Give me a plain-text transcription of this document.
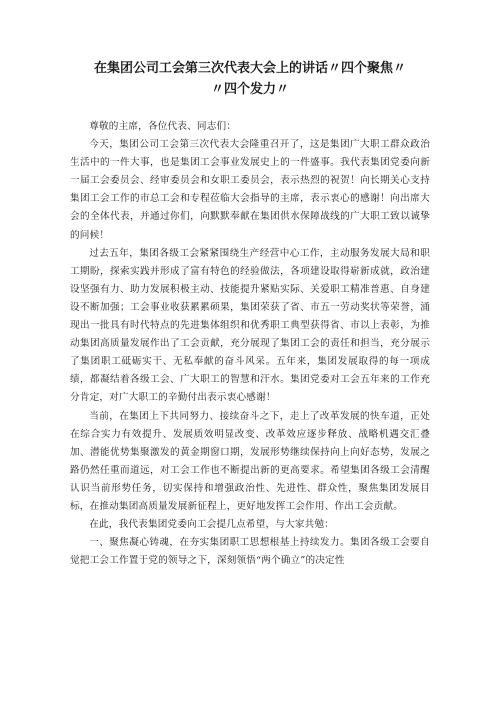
在集团公司工会第三次代表大会上的讲话〃四个聚焦〃
〃四个发力〃

尊敬的主席，各位代表、同志们：

今天，集团公司工会第三次代表大会隆重召开了，这是集团广大职工群众政治生活中的一件大事，也是集团工会事业发展史上的一件盛事。我代表集团党委向新一届工会委员会、经审委员会和女职工委员会，表示热烈的祝贺！向长期关心支持集团工会工作的市总工会和专程莅临大会指导的主席，表示衷心的感谢！向出席大会的全体代表，并通过你们，向默默奉献在集团供水保障战线的广大职工致以诚挚的问候！

过去五年，集团各级工会紧紧围绕生产经营中心工作，主动服务发展大局和职工期盼，探索实践并形成了富有特色的经验做法，各项建设取得崭新成就，政治建设坚强有力、助力发展积极主动、技能提升紧贴实际、关爱职工精准普惠、自身建设不断加强；工会事业收获累累硕果，集团荣获了省、市五一劳动奖状等荣誉，涌现出一批具有时代特点的先进集体组织和优秀职工典型获得省、市以上表彰，为推动集团高质量发展作出了工会贡献，充分展现了集团工会的责任和担当，充分展示了集团职工砥砺实干、无私奉献的奋斗风采。五年来，集团发展取得的每一项成绩，都凝结着各级工会、广大职工的智慧和汗水。集团党委对工会五年来的工作充分肯定，对广大职工的辛勤付出表示衷心感谢！

当前，在集团上下共同努力、接续奋斗之下，走上了改革发展的快车道，正处在综合实力有效提升、发展质效明显改变、改革效应逐步释放、战略机遇交汇叠加、潜能优势集聚激发的黄金期窗口期，发展形势继续保持向上向好态势，发展之路仍然任重而道远，对工会工作也不断提出新的更高要求。希望集团各级工会清醒认识当前形势任务，切实保持和增强政治性、先进性、群众性，聚焦集团发展目标，在推动集团高质量发展新征程上，更好地发挥工会作用、作出工会贡献。

在此，我代表集团党委向工会提几点希望，与大家共勉：

一、聚焦凝心铸魂，在夯实集团职工思想根基上持续发力。集团各级工会要自觉把工会工作置于党的领导之下，深刻领悟“两个确立”的决定性
